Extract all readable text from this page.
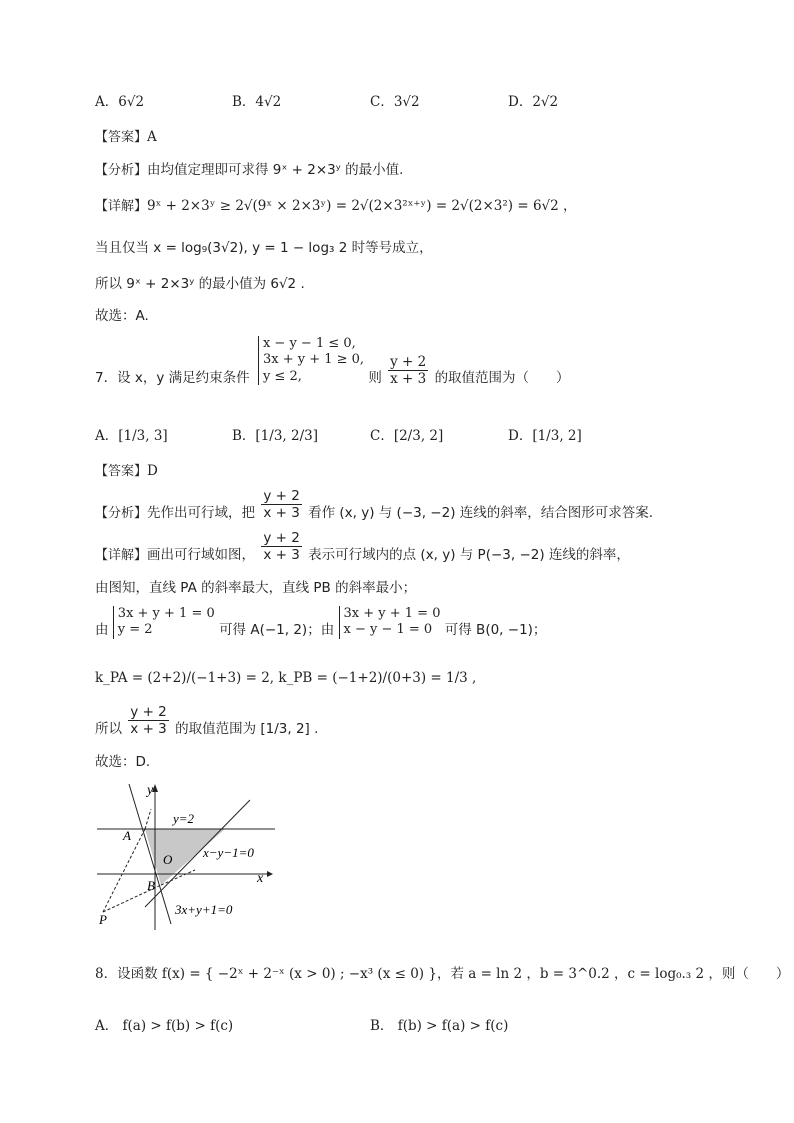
A．6√2	B．4√2	C．3√2	D．2√2
【答案】A
【分析】由均值定理即可求得 9ˣ + 2×3ʸ 的最小值.
【详解】9ˣ + 2×3ʸ ≥ 2√(9ˣ × 2×3ʸ) = 2√(2×3²ˣ⁺ʸ) = 2√(2×3²) = 6√2 ，
当且仅当 x = log₉(3√2), y = 1 − log₃ 2 时等号成立，
所以 9ˣ + 2×3ʸ 的最小值为 6√2 .
故选：A.
7．设 x，y 满足约束条件
x − y − 1 ≤ 0,
3x + y + 1 ≥ 0,
y ≤ 2,	则 $\frac{y + 2}{x + 3}$ 的取值范围为（　　）
A．[1/3, 3]	B．[1/3, 2/3]	C．[2/3, 2]	D．[1/3, 2]
【答案】D
【分析】先作出可行域，把 $\frac{y + 2}{x + 3}$ 看作 (x, y) 与 (−3, −2) 连线的斜率，结合图形可求答案.
【详解】画出可行域如图， $\frac{y + 2}{x + 3}$ 表示可行域内的点 (x, y) 与 P(−3, −2) 连线的斜率，
由图知，直线 PA 的斜率最大，直线 PB 的斜率最小；
由
3x + y + 1 = 0
y = 2	可得 A(−1, 2)；由
3x + y + 1 = 0
x − y − 1 = 0 可得 B(0, −1)；
k_PA = (2+2)/(−1+3) = 2, k_PB = (−1+2)/(0+3) = 1/3 ,
所以 $\frac{y + 2}{x + 3}$ 的取值范围为 [1/3, 2] .
故选：D.
y
x
y=2
x−y−1=0
3x+y+1=0
A
B
O
P
8．设函数 f(x) = { −2ˣ + 2⁻ˣ (x > 0) ; −x³ (x ≤ 0) }，若 a = ln 2 ，b = 3^0.2 ，c = log₀.₃ 2 ，则（　　）
A． f(a) > f(b) > f(c)	B． f(b) > f(a) > f(c)
